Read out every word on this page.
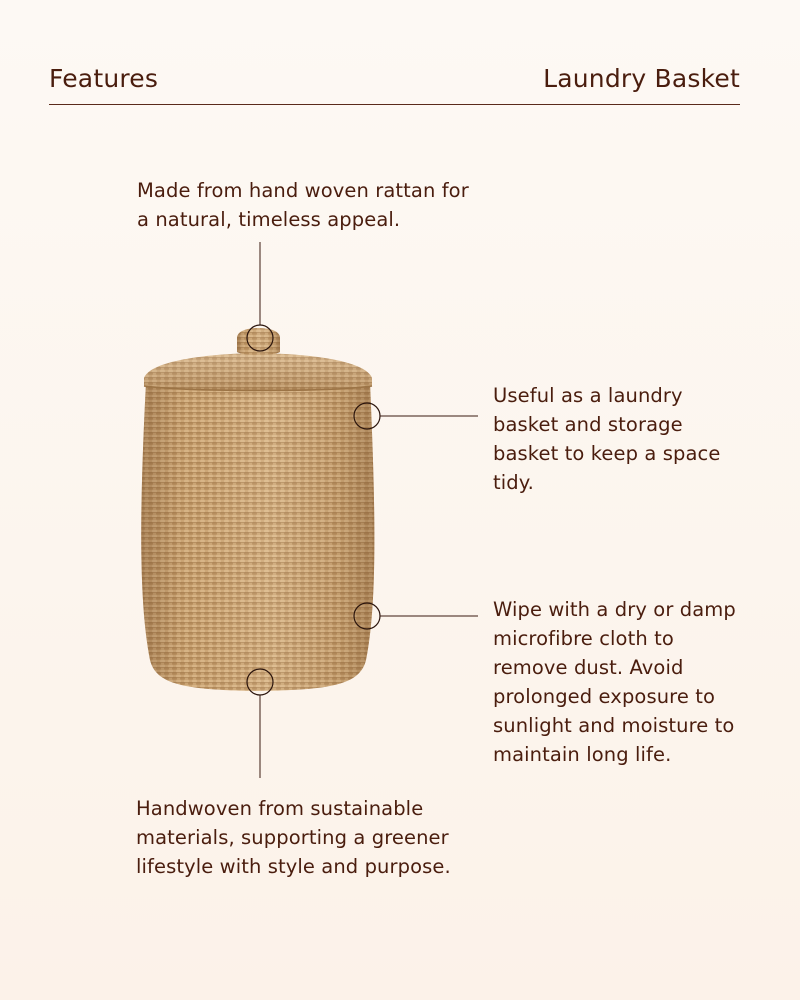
Features	Laundry Basket
Made from hand woven rattan for a natural, timeless appeal.
Useful as a laundry basket and storage basket to keep a space tidy.
Wipe with a dry or damp microfibre cloth to remove dust. Avoid prolonged exposure to sunlight and moisture to maintain long life.
Handwoven from sustainable materials, supporting a greener lifestyle with style and purpose.
